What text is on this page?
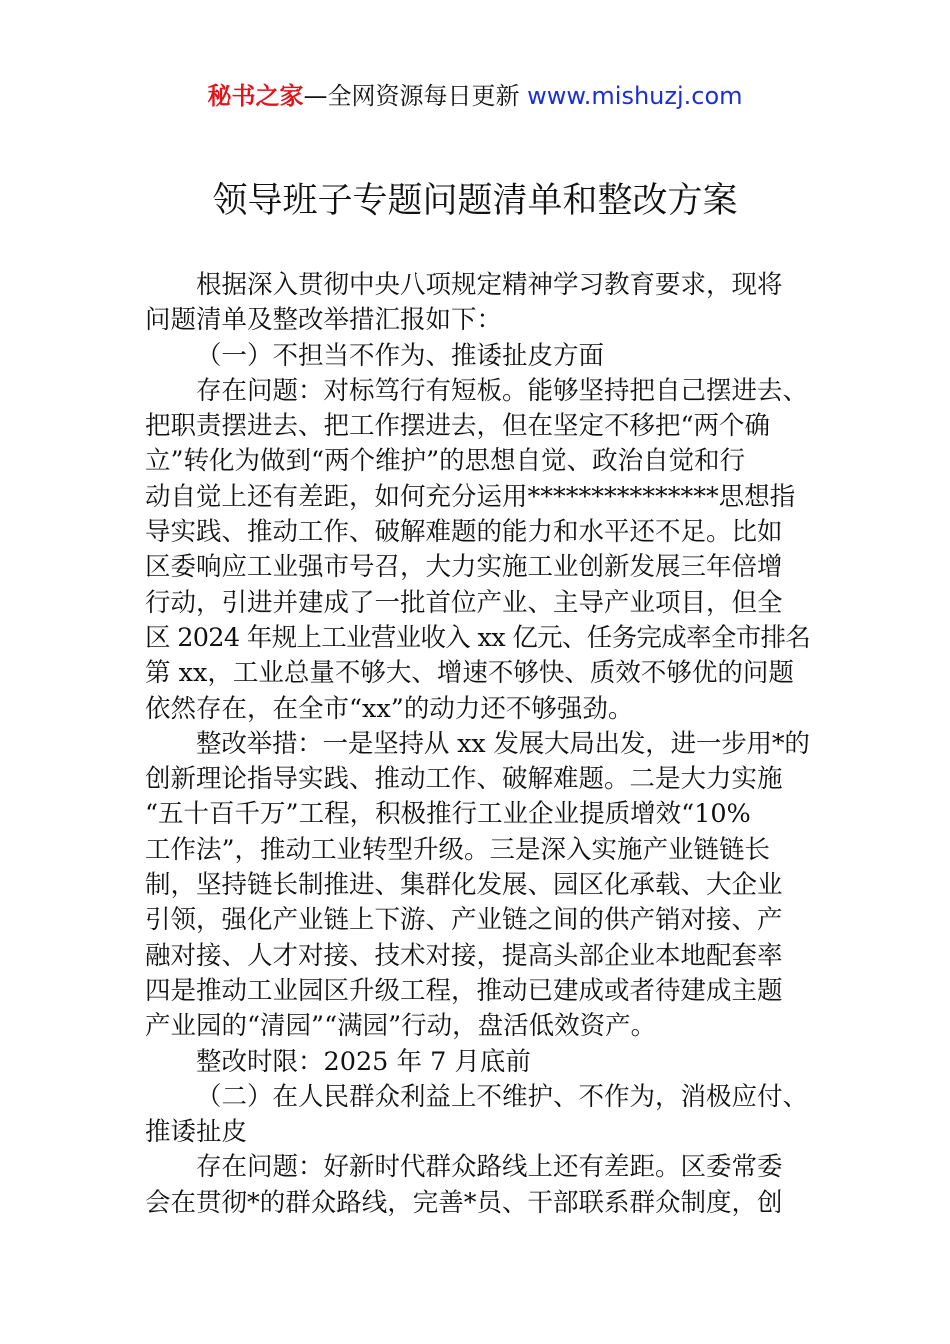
秘书之家—全网资源每日更新 www.mishuzj.com
领导班子专题问题清单和整改方案
根据深入贯彻中央八项规定精神学习教育要求，现将
问题清单及整改举措汇报如下：
（一）不担当不作为、推诿扯皮方面
存在问题：对标笃行有短板。能够坚持把自己摆进去、
把职责摆进去、把工作摆进去，但在坚定不移把“两个确
立”转化为做到“两个维护”的思想自觉、政治自觉和行
动自觉上还有差距，如何充分运用***************思想指
导实践、推动工作、破解难题的能力和水平还不足。比如
区委响应工业强市号召，大力实施工业创新发展三年倍增
行动，引进并建成了一批首位产业、主导产业项目，但全
区 2024 年规上工业营业收入 xx 亿元、任务完成率全市排名
第 xx，工业总量不够大、增速不够快、质效不够优的问题
依然存在，在全市“xx”的动力还不够强劲。
整改举措：一是坚持从 xx 发展大局出发，进一步用*的
创新理论指导实践、推动工作、破解难题。二是大力实施
“五十百千万”工程，积极推行工业企业提质增效“10%
工作法”，推动工业转型升级。三是深入实施产业链链长
制，坚持链长制推进、集群化发展、园区化承载、大企业
引领，强化产业链上下游、产业链之间的供产销对接、产
融对接、人才对接、技术对接，提高头部企业本地配套率
四是推动工业园区升级工程，推动已建成或者待建成主题
产业园的“清园”“满园”行动，盘活低效资产。
整改时限：2025 年 7 月底前
（二）在人民群众利益上不维护、不作为，消极应付、
推诿扯皮
存在问题：好新时代群众路线上还有差距。区委常委
会在贯彻*的群众路线，完善*员、干部联系群众制度，创
